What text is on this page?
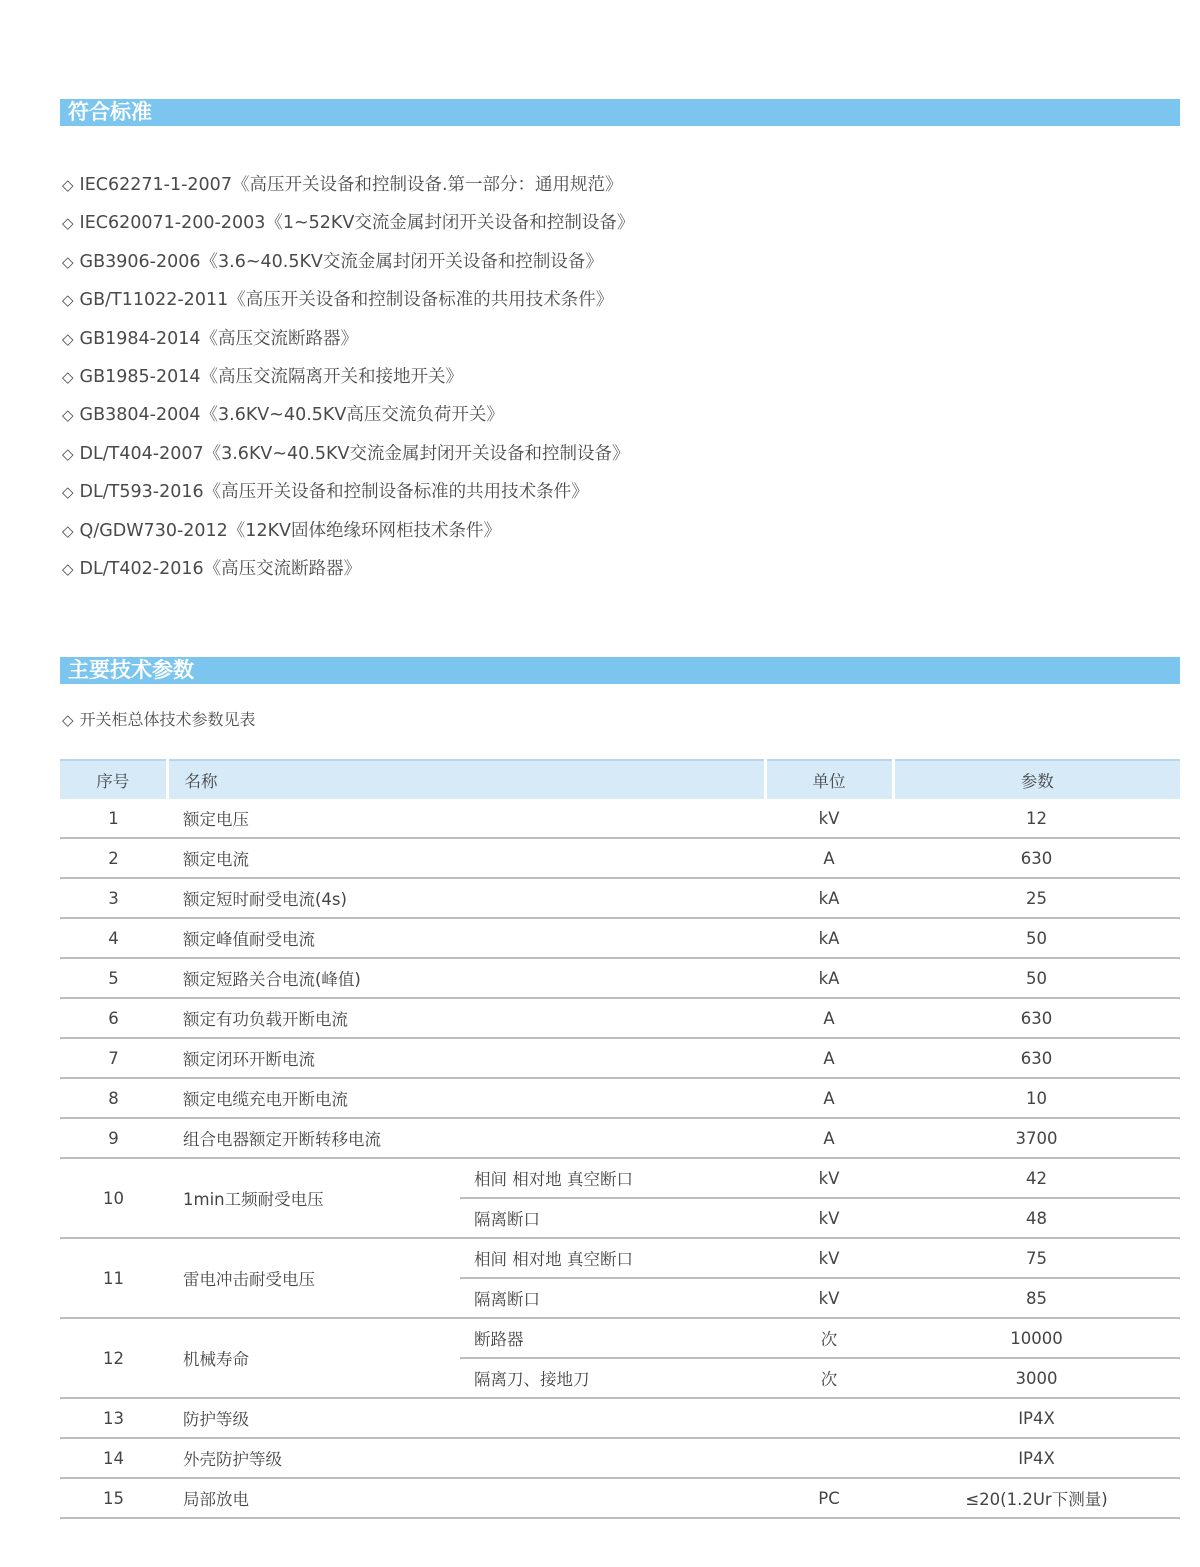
符合标准
◇ IEC62271-1-2007《高压开关设备和控制设备.第一部分：通用规范》
◇ IEC620071-200-2003《1~52KV交流金属封闭开关设备和控制设备》
◇ GB3906-2006《3.6~40.5KV交流金属封闭开关设备和控制设备》
◇ GB/T11022-2011《高压开关设备和控制设备标准的共用技术条件》
◇ GB1984-2014《高压交流断路器》
◇ GB1985-2014《高压交流隔离开关和接地开关》
◇ GB3804-2004《3.6KV~40.5KV高压交流负荷开关》
◇ DL/T404-2007《3.6KV~40.5KV交流金属封闭开关设备和控制设备》
◇ DL/T593-2016《高压开关设备和控制设备标准的共用技术条件》
◇ Q/GDW730-2012《12KV固体绝缘环网柜技术条件》
◇ DL/T402-2016《高压交流断路器》
主要技术参数
◇ 开关柜总体技术参数见表
序号	名称		单位	参数
1	额定电压		kV	12
2	额定电流		A	630
3	额定短时耐受电流(4s)		kA	25
4	额定峰值耐受电流		kA	50
5	额定短路关合电流(峰值)		kA	50
6	额定有功负载开断电流		A	630
7	额定闭环开断电流		A	630
8	额定电缆充电开断电流		A	10
9	组合电器额定开断转移电流		A	3700
10	1min工频耐受电压	相间 相对地 真空断口	kV	42
		隔离断口	kV	48
11	雷电冲击耐受电压	相间 相对地 真空断口	kV	75
		隔离断口	kV	85
12	机械寿命	断路器	次	10000
		隔离刀、接地刀	次	3000
13	防护等级			IP4X
14	外壳防护等级			IP4X
15	局部放电		PC	≤20(1.2Ur下测量)
